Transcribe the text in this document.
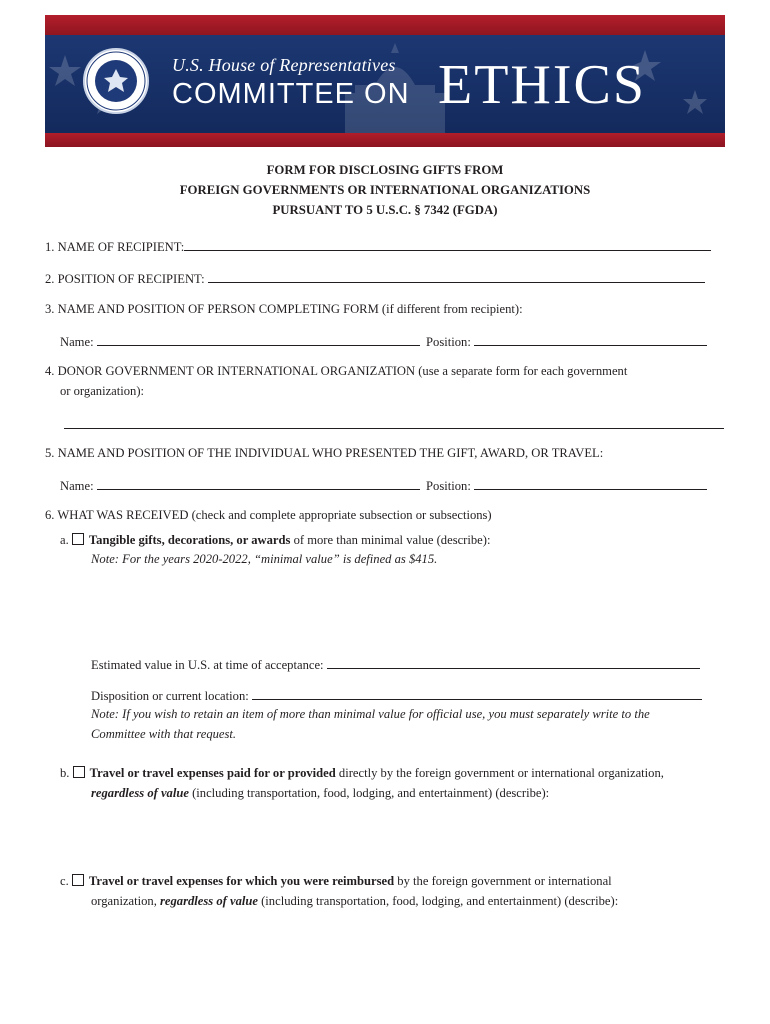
U.S. House of Representatives
COMMITTEE ON ETHICS
FORM FOR DISCLOSING GIFTS FROM
FOREIGN GOVERNMENTS OR INTERNATIONAL ORGANIZATIONS
PURSUANT TO 5 U.S.C. § 7342 (FGDA)
1. NAME OF RECIPIENT:
2. POSITION OF RECIPIENT:
3. NAME AND POSITION OF PERSON COMPLETING FORM (if different from recipient):
Name:	Position:
4. DONOR GOVERNMENT OR INTERNATIONAL ORGANIZATION (use a separate form for each government
or organization):
5. NAME AND POSITION OF THE INDIVIDUAL WHO PRESENTED THE GIFT, AWARD, OR TRAVEL:
Name:	Position:
6. WHAT WAS RECEIVED (check and complete appropriate subsection or subsections)
a. Tangible gifts, decorations, or awards of more than minimal value (describe):
Note: For the years 2020-2022, “minimal value” is defined as $415.
Estimated value in U.S. at time of acceptance:
Disposition or current location:
Note: If you wish to retain an item of more than minimal value for official use, you must separately write to the
Committee with that request.
b. Travel or travel expenses paid for or provided directly by the foreign government or international organization,
regardless of value (including transportation, food, lodging, and entertainment) (describe):
c. Travel or travel expenses for which you were reimbursed by the foreign government or international
organization, regardless of value (including transportation, food, lodging, and entertainment) (describe):
